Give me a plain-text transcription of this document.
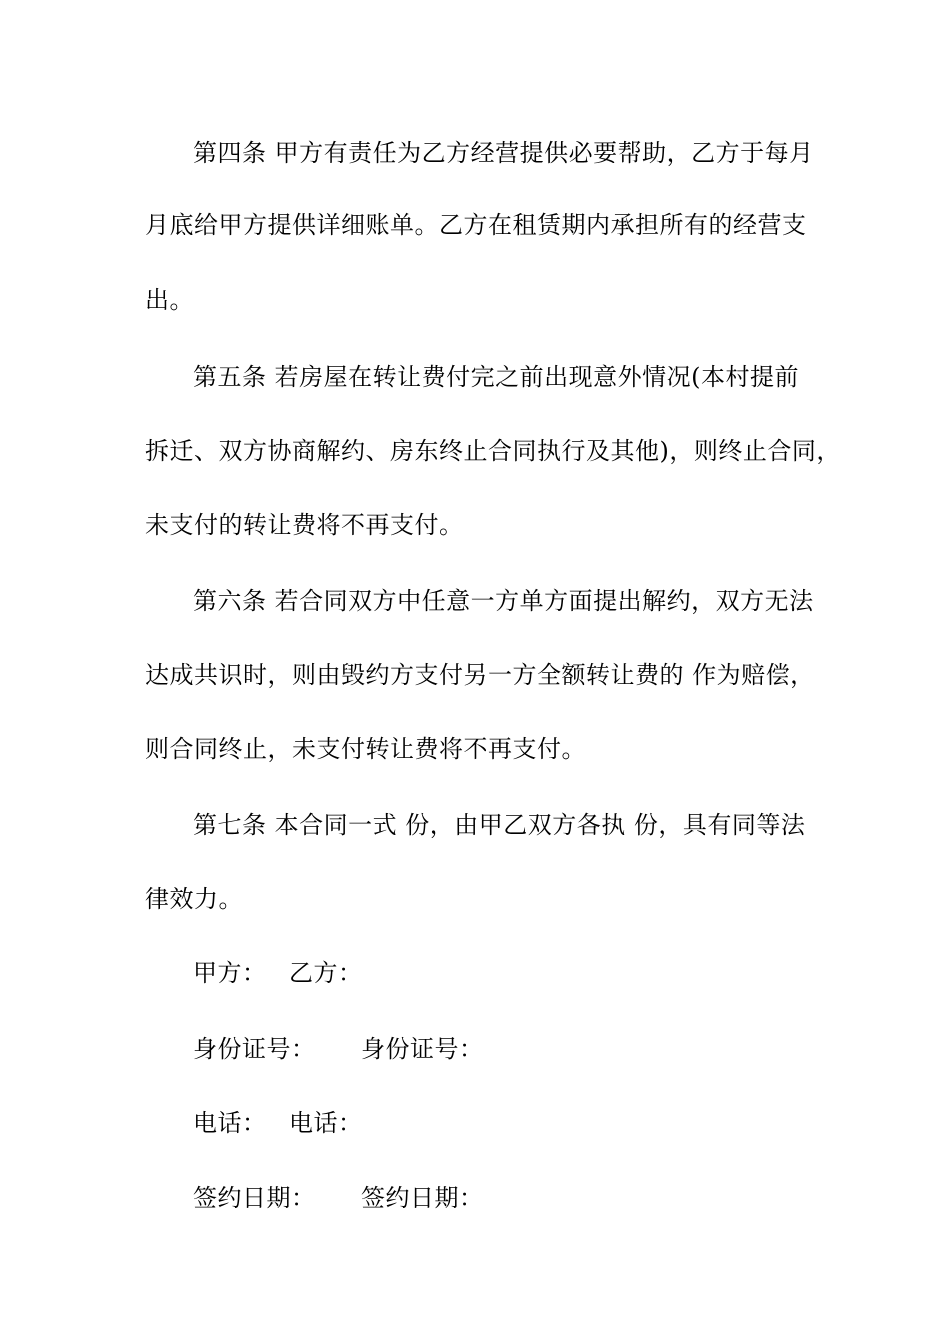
第四条 甲方有责任为乙方经营提供必要帮助，乙方于每月
月底给甲方提供详细账单。乙方在租赁期内承担所有的经营支
出。
第五条 若房屋在转让费付完之前出现意外情况(本村提前
拆迁、双方协商解约、房东终止合同执行及其他)，则终止合同，
未支付的转让费将不再支付。
第六条 若合同双方中任意一方单方面提出解约，双方无法
达成共识时，则由毁约方支付另一方全额转让费的 作为赔偿，
则合同终止，未支付转让费将不再支付。
第七条 本合同一式 份，由甲乙双方各执 份，具有同等法
律效力。
甲方： 乙方：
身份证号： 身份证号：
电话： 电话：
签约日期： 签约日期：
